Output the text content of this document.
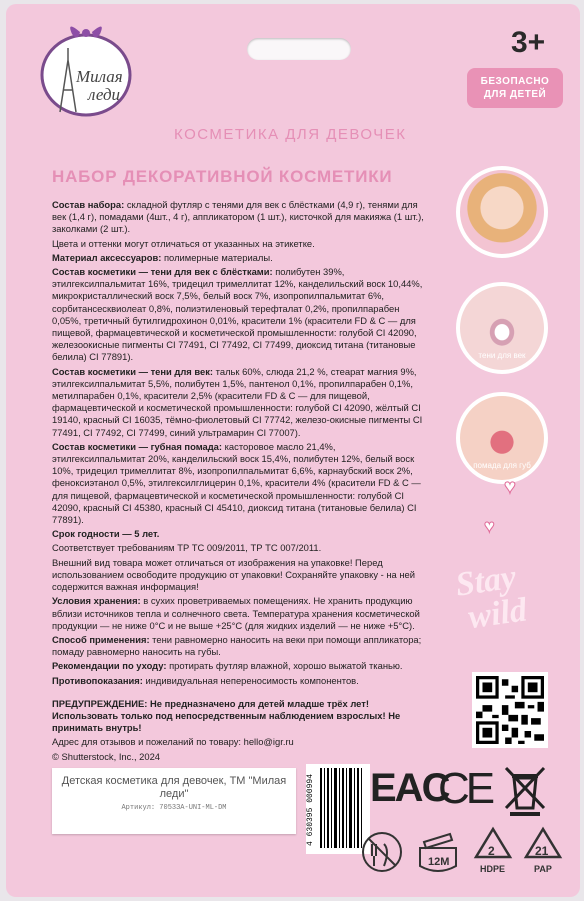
Милая
леди
3+
БЕЗОПАСНО
ДЛЯ ДЕТЕЙ
КОСМЕТИКА ДЛЯ ДЕВОЧЕК
НАБОР ДЕКОРАТИВНОЙ КОСМЕТИКИ

Состав набора: складной футляр с тенями для век с блёстками (4,9 г), тенями для век (1,4 г), помадами (4шт., 4 г), аппликатором (1 шт.), кисточкой для макияжа (1 шт.), заколками (2 шт.).

Цвета и оттенки могут отличаться от указанных на этикетке.

Материал аксессуаров: полимерные материалы.

Состав косметики — тени для век с блёстками: полибутен 39%, этилгексилпальмитат 16%, тридецил тримеллитат 12%, канделильский воск 10,44%, микрокристаллический воск 7,5%, белый воск 7%, изопропилпальмитат 6%, сорбитансесквиолеат 0,8%, полиэтиленовый терефталат 0,2%, пропилпарабен 0,05%, третичный бутилгидрохинон 0,01%, красители 1% (красители FD & C — для пищевой, фармацевтической и косметической промышленности: голубой CI 42090, железоокисные пигменты CI 77491, CI 77492, CI 77499, диоксид титана (титановые белила) CI 77891).

Состав косметики — тени для век: тальк 60%, слюда 21,2 %, стеарат магния 9%, этилгексилпальмитат 5,5%, полибутен 1,5%, пантенол 0,1%, пропилпарабен 0,1%, метилпарабен 0,1%, красители 2,5% (красители FD & C — для пищевой, фармацевтической и косметической промышленности: голубой CI 42090, жёлтый CI 19140, красный CI 16035, тёмно-фиолетовый CI 77742, железо-окисные пигменты CI 77491, CI 77492, CI 77499, синий ультрамарин CI 77007).

Состав косметики — губная помада: касторовое масло 21,4%, этилгексилпальмитат 20%, канделильский воск 15,4%, полибутен 12%, белый воск 10%, тридецил тримеллитат 8%, изопропилпальмитат 6,6%, карнаубский воск 2%, феноксиэтанол 0,5%, этилгексилглицерин 0,1%, красители 4% (красители FD & C — для пищевой, фармацевтической и косметической промышленности: голубой CI 42090, красный CI 45380, красный CI 45410, диоксид титана (титановые белила) CI 77891).

Срок годности — 5 лет.

Соответствует требованиям ТР ТС 009/2011, ТР ТС 007/2011.

Внешний вид товара может отличаться от изображения на упаковке! Перед использованием освободите продукцию от упаковки! Сохраняйте упаковку - на ней содержится важная информация!

Условия хранения: в сухих проветриваемых помещениях. Не хранить продукцию вблизи источников тепла и солнечного света. Температура хранения косметической продукции — не ниже 0°C и не выше +25°C (для жидких изделий — не ниже +5°C).

Способ применения: тени равномерно наносить на веки при помощи аппликатора; помаду равномерно наносить на губы.

Рекомендации по уходу: протирать футляр влажной, хорошо выжатой тканью.

Противопоказания: индивидуальная непереносимость компонентов.

ПРЕДУПРЕЖДЕНИЕ: Не предназначено для детей младше трёх лет! Использовать только под непосредственным наблюдением взрослых! Не принимать внутрь!

Адрес для отзывов и пожеланий по товару: hello@igr.ru

© Shutterstock, Inc., 2024

тени для век
помада для губ
♥
♥
Stay
wild
Детская косметика для девочек, ТМ "Милая леди"
Артикул: 7053ЗА-UNI-ML-DM	4 630395 000994 EAC
CE
12M
2
HDPE
21
PAP
